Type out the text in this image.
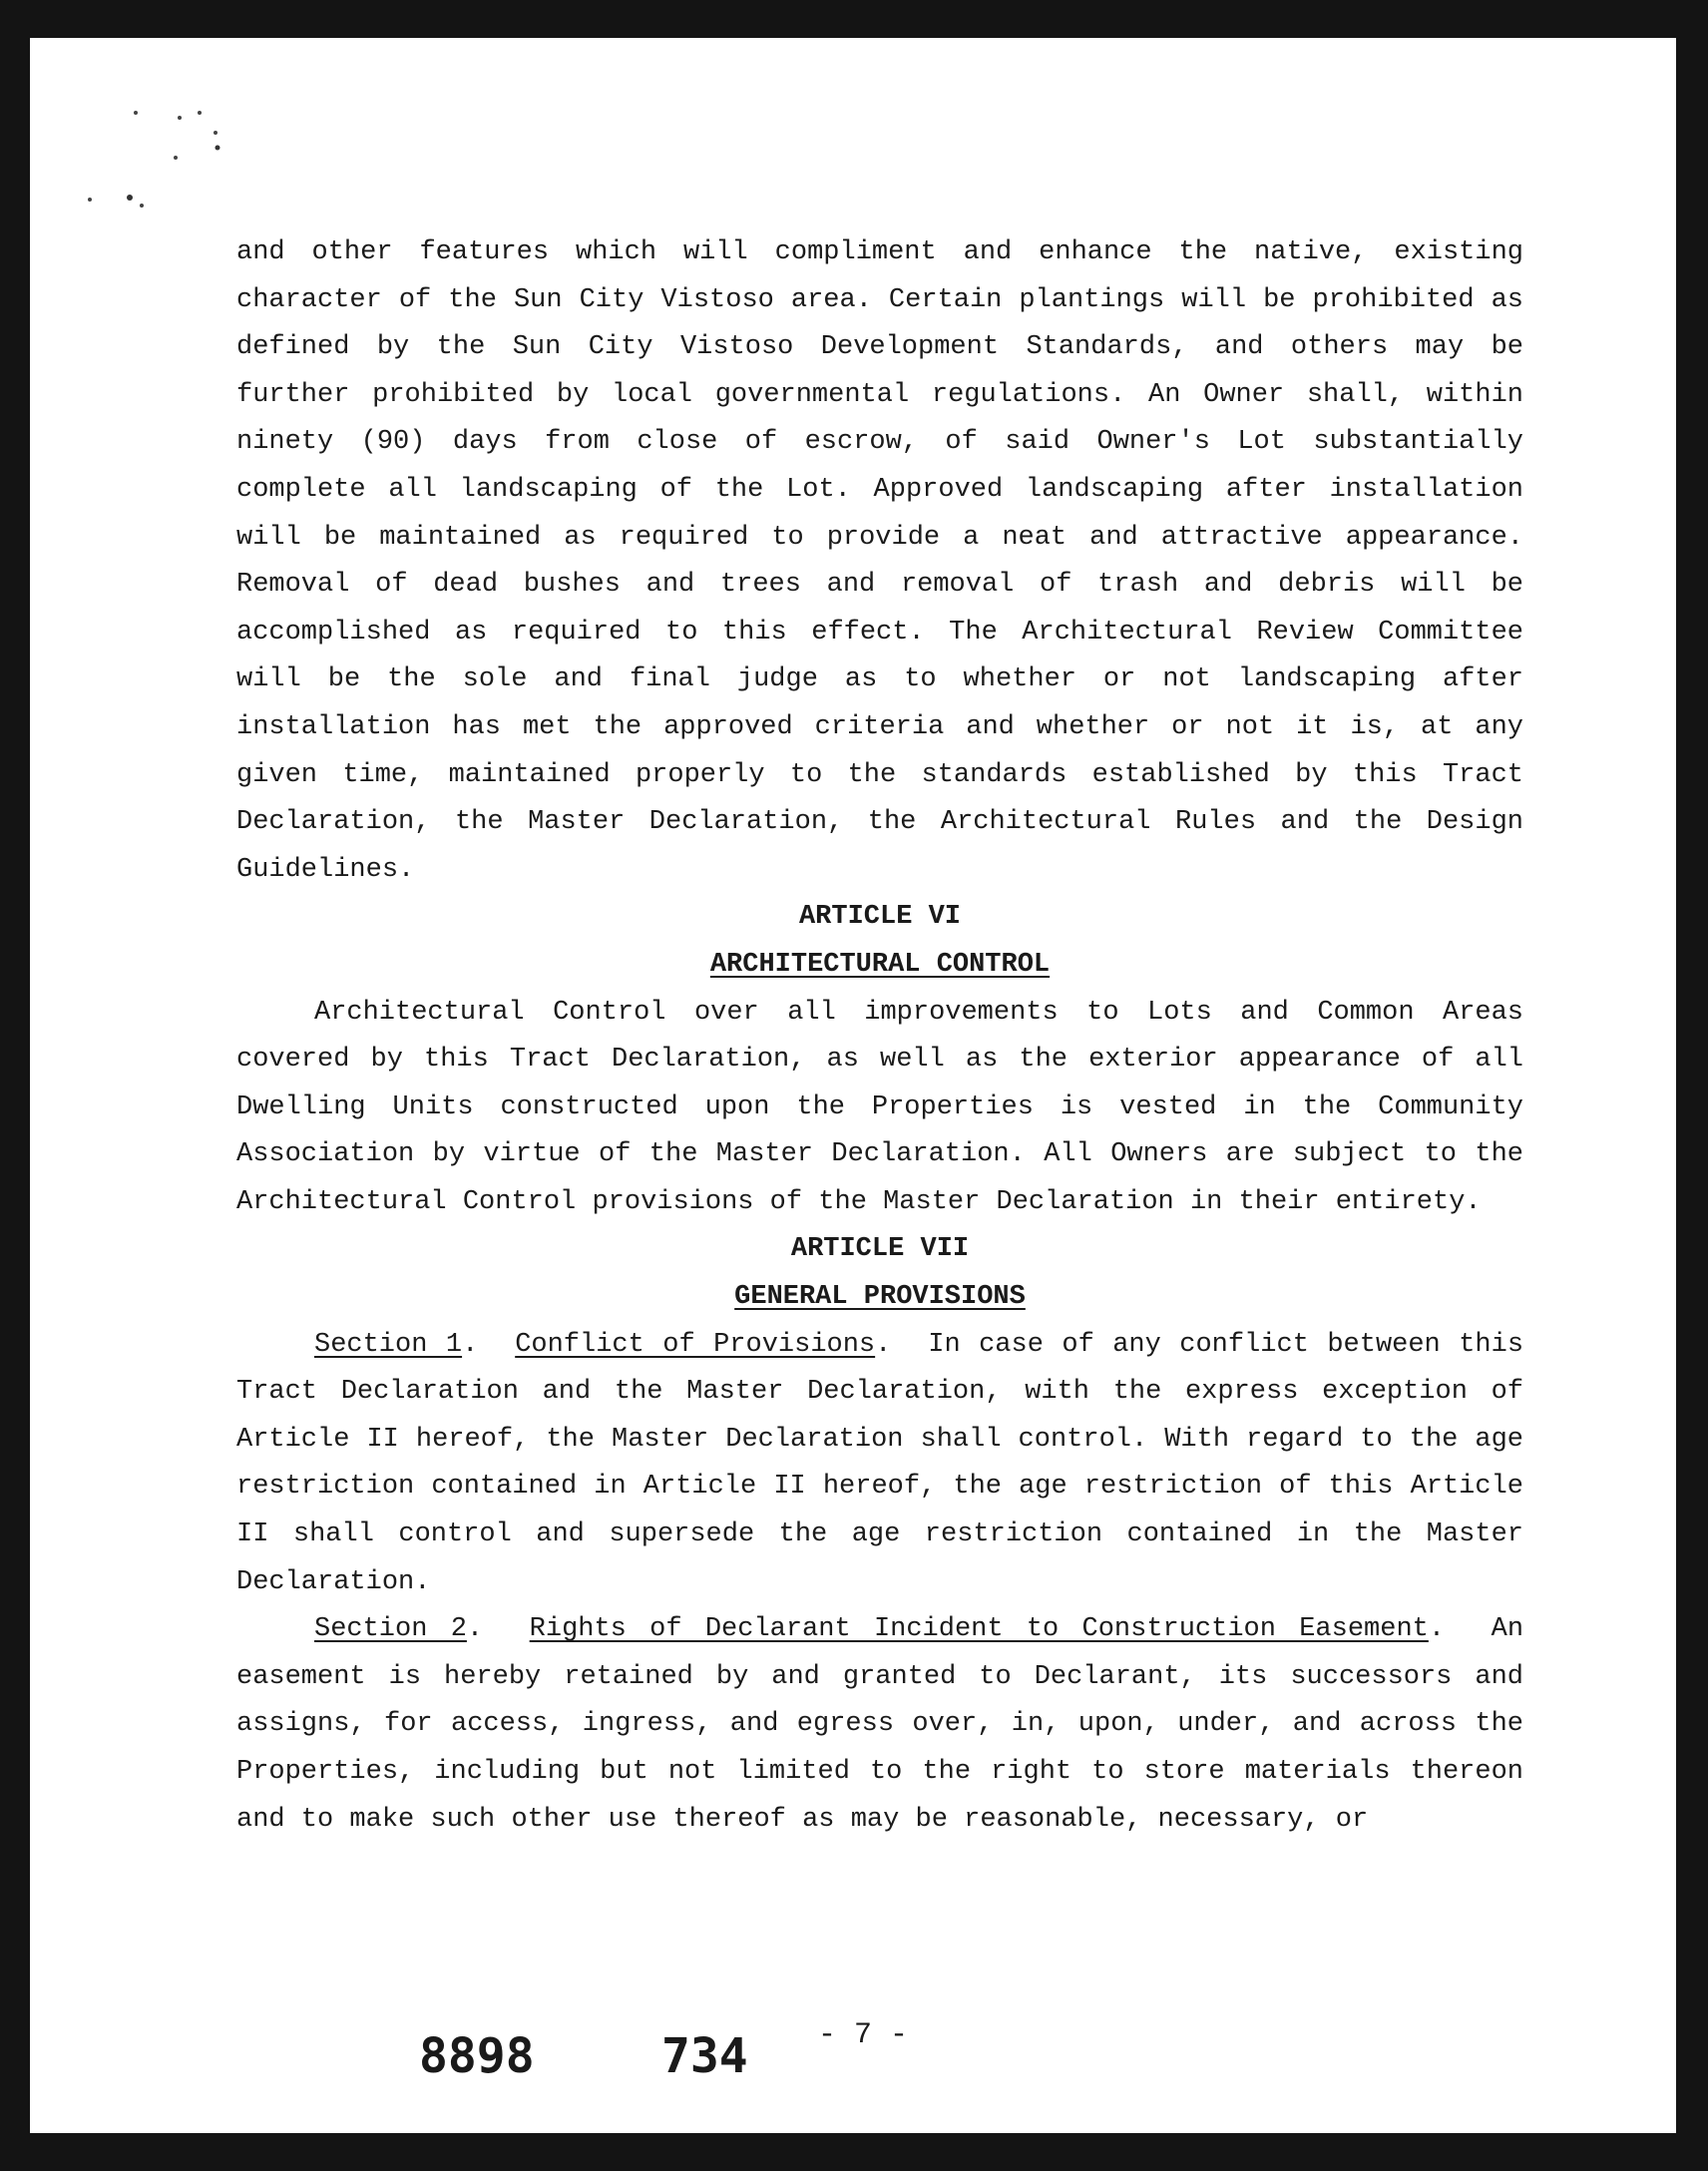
and other features which will compliment and enhance the native, existing character of the Sun City Vistoso area. Certain plantings will be prohibited as defined by the Sun City Vistoso Development Standards, and others may be further prohibited by local governmental regulations. An Owner shall, within ninety (90) days from close of escrow, of said Owner's Lot substantially complete all landscaping of the Lot. Approved landscaping after installation will be maintained as required to provide a neat and attractive appearance. Removal of dead bushes and trees and removal of trash and debris will be accomplished as required to this effect. The Architectural Review Committee will be the sole and final judge as to whether or not landscaping after installation has met the approved criteria and whether or not it is, at any given time, maintained properly to the standards established by this Tract Declaration, the Master Declaration, the Architectural Rules and the Design Guidelines.

ARTICLE VI
ARCHITECTURAL CONTROL

Architectural Control over all improvements to Lots and Common Areas covered by this Tract Declaration, as well as the exterior appearance of all Dwelling Units constructed upon the Properties is vested in the Community Association by virtue of the Master Declaration. All Owners are subject to the Architectural Control provisions of the Master Declaration in their entirety.

ARTICLE VII
GENERAL PROVISIONS

Section 1.  Conflict of Provisions.  In case of any conflict between this Tract Declaration and the Master Declaration, with the express exception of Article II hereof, the Master Declaration shall control. With regard to the age restriction contained in Article II hereof, the age restriction of this Article II shall control and supersede the age restriction contained in the Master Declaration.

Section 2.  Rights of Declarant Incident to Construction Easement.  An easement is hereby retained by and granted to Declarant, its successors and assigns, for access, ingress, and egress over, in, upon, under, and across the Properties, including but not limited to the right to store materials thereon and to make such other use thereof as may be reasonable, necessary, or

8898	734 - 7 -
